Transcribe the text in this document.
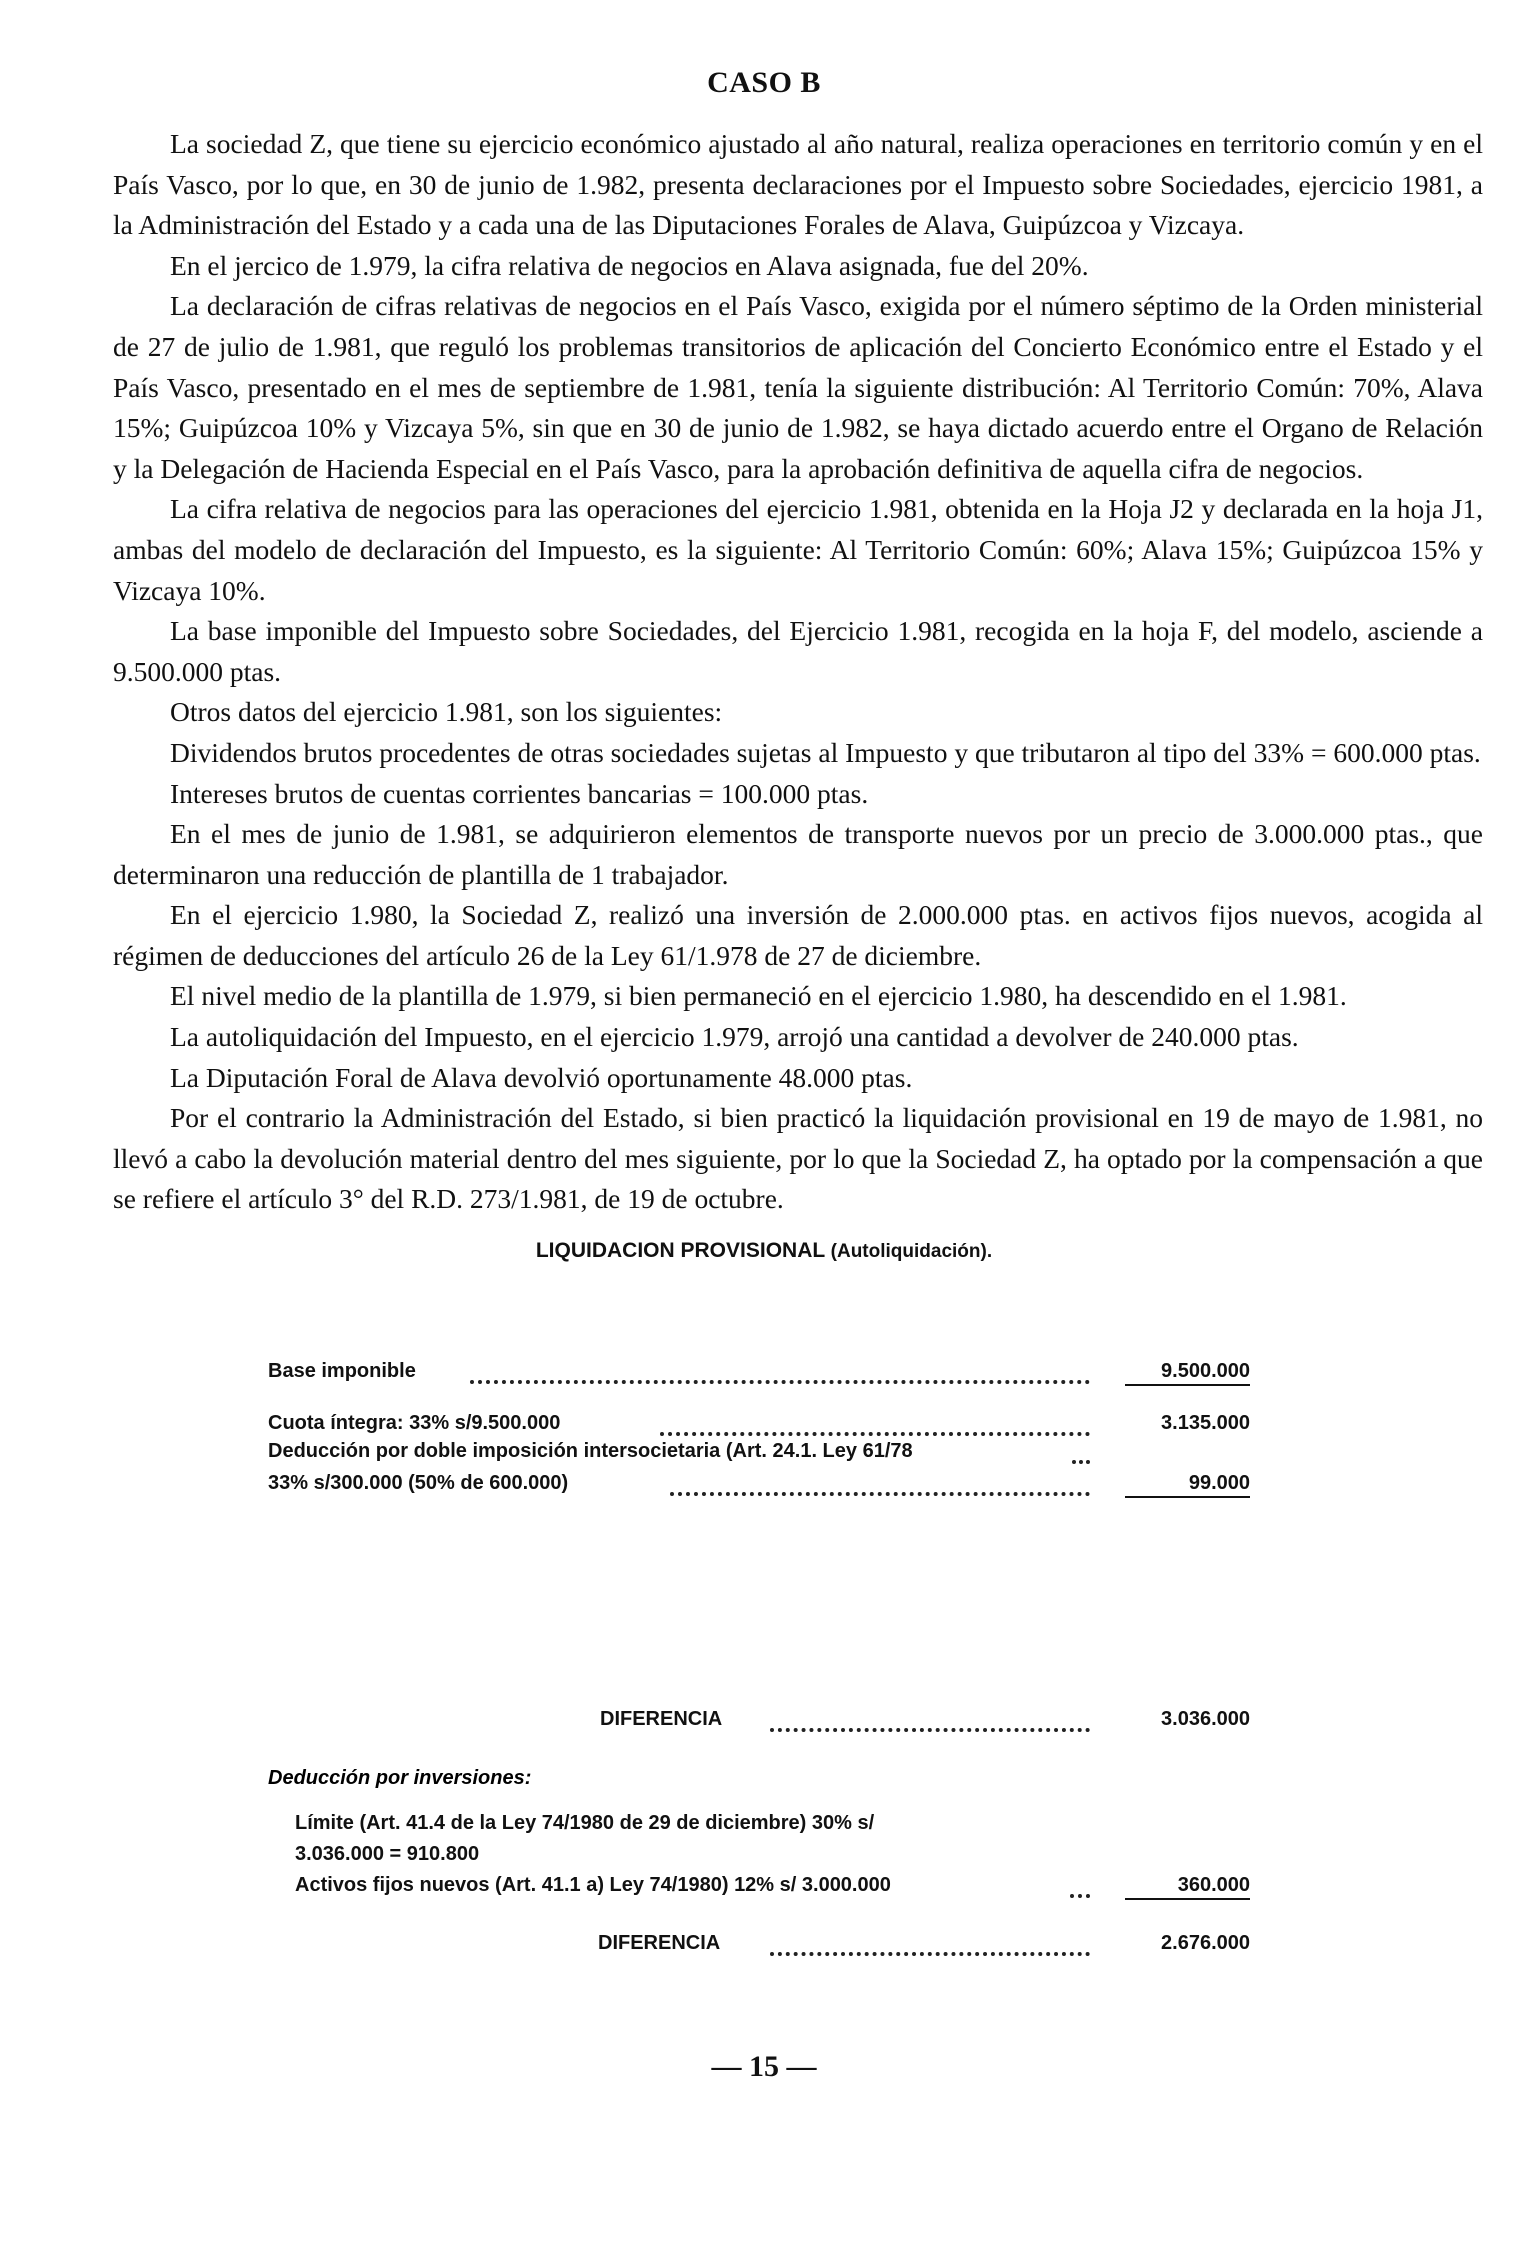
CASO B

La sociedad Z, que tiene su ejercicio económico ajustado al año natural, realiza operaciones en territorio común y en el País Vasco, por lo que, en 30 de junio de 1.982, presenta declaraciones por el Impuesto sobre Sociedades, ejercicio 1981, a la Administración del Estado y a cada una de las Diputaciones Forales de Alava, Guipúzcoa y Vizcaya.

En el jercico de 1.979, la cifra relativa de negocios en Alava asignada, fue del 20%.

La declaración de cifras relativas de negocios en el País Vasco, exigida por el número séptimo de la Orden ministerial de 27 de julio de 1.981, que reguló los problemas transitorios de aplicación del Concierto Económico entre el Estado y el País Vasco, presentado en el mes de septiembre de 1.981, tenía la siguiente distribución: Al Territorio Común: 70%, Alava 15%; Guipúzcoa 10% y Vizcaya 5%, sin que en 30 de junio de 1.982, se haya dictado acuerdo entre el Organo de Relación y la Delegación de Hacienda Especial en el País Vasco, para la aprobación definitiva de aquella cifra de negocios.

La cifra relativa de negocios para las operaciones del ejercicio 1.981, obtenida en la Hoja J2 y declarada en la hoja J1, ambas del modelo de declaración del Impuesto, es la siguiente: Al Territorio Común: 60%; Alava 15%; Guipúzcoa 15% y Vizcaya 10%.

La base imponible del Impuesto sobre Sociedades, del Ejercicio 1.981, recogida en la hoja F, del modelo, asciende a 9.500.000 ptas.

Otros datos del ejercicio 1.981, son los siguientes:

Dividendos brutos procedentes de otras sociedades sujetas al Impuesto y que tributaron al tipo del 33% = 600.000 ptas.

Intereses brutos de cuentas corrientes bancarias = 100.000 ptas.

En el mes de junio de 1.981, se adquirieron elementos de transporte nuevos por un precio de 3.000.000 ptas., que determinaron una reducción de plantilla de 1 trabajador.

En el ejercicio 1.980, la Sociedad Z, realizó una inversión de 2.000.000 ptas. en activos fijos nuevos, acogida al régimen de deducciones del artículo 26 de la Ley 61/1.978 de 27 de diciembre.

El nivel medio de la plantilla de 1.979, si bien permaneció en el ejercicio 1.980, ha descendido en el 1.981.

La autoliquidación del Impuesto, en el ejercicio 1.979, arrojó una cantidad a devolver de 240.000 ptas.

La Diputación Foral de Alava devolvió oportunamente 48.000 ptas.

Por el contrario la Administración del Estado, si bien practicó la liquidación provisional en 19 de mayo de 1.981, no llevó a cabo la devolución material dentro del mes siguiente, por lo que la Sociedad Z, ha optado por la compensación a que se refiere el artículo 3° del R.D. 273/1.981, de 19 de octubre.

LIQUIDACION PROVISIONAL (Autoliquidación).
Base imponible	9.500.000
Cuota íntegra: 33% s/9.500.000	3.135.000
Deducción por doble imposición intersocietaria (Art. 24.1. Ley 61/78
33% s/300.000 (50% de 600.000)	99.000
— 15 —
DIFERENCIA	3.036.000
Deducción por inversiones:
Límite (Art. 41.4 de la Ley 74/1980 de 29 de diciembre) 30% s/
3.036.000 = 910.800
Activos fijos nuevos (Art. 41.1 a) Ley 74/1980) 12% s/ 3.000.000	360.000
DIFERENCIA	2.676.000
